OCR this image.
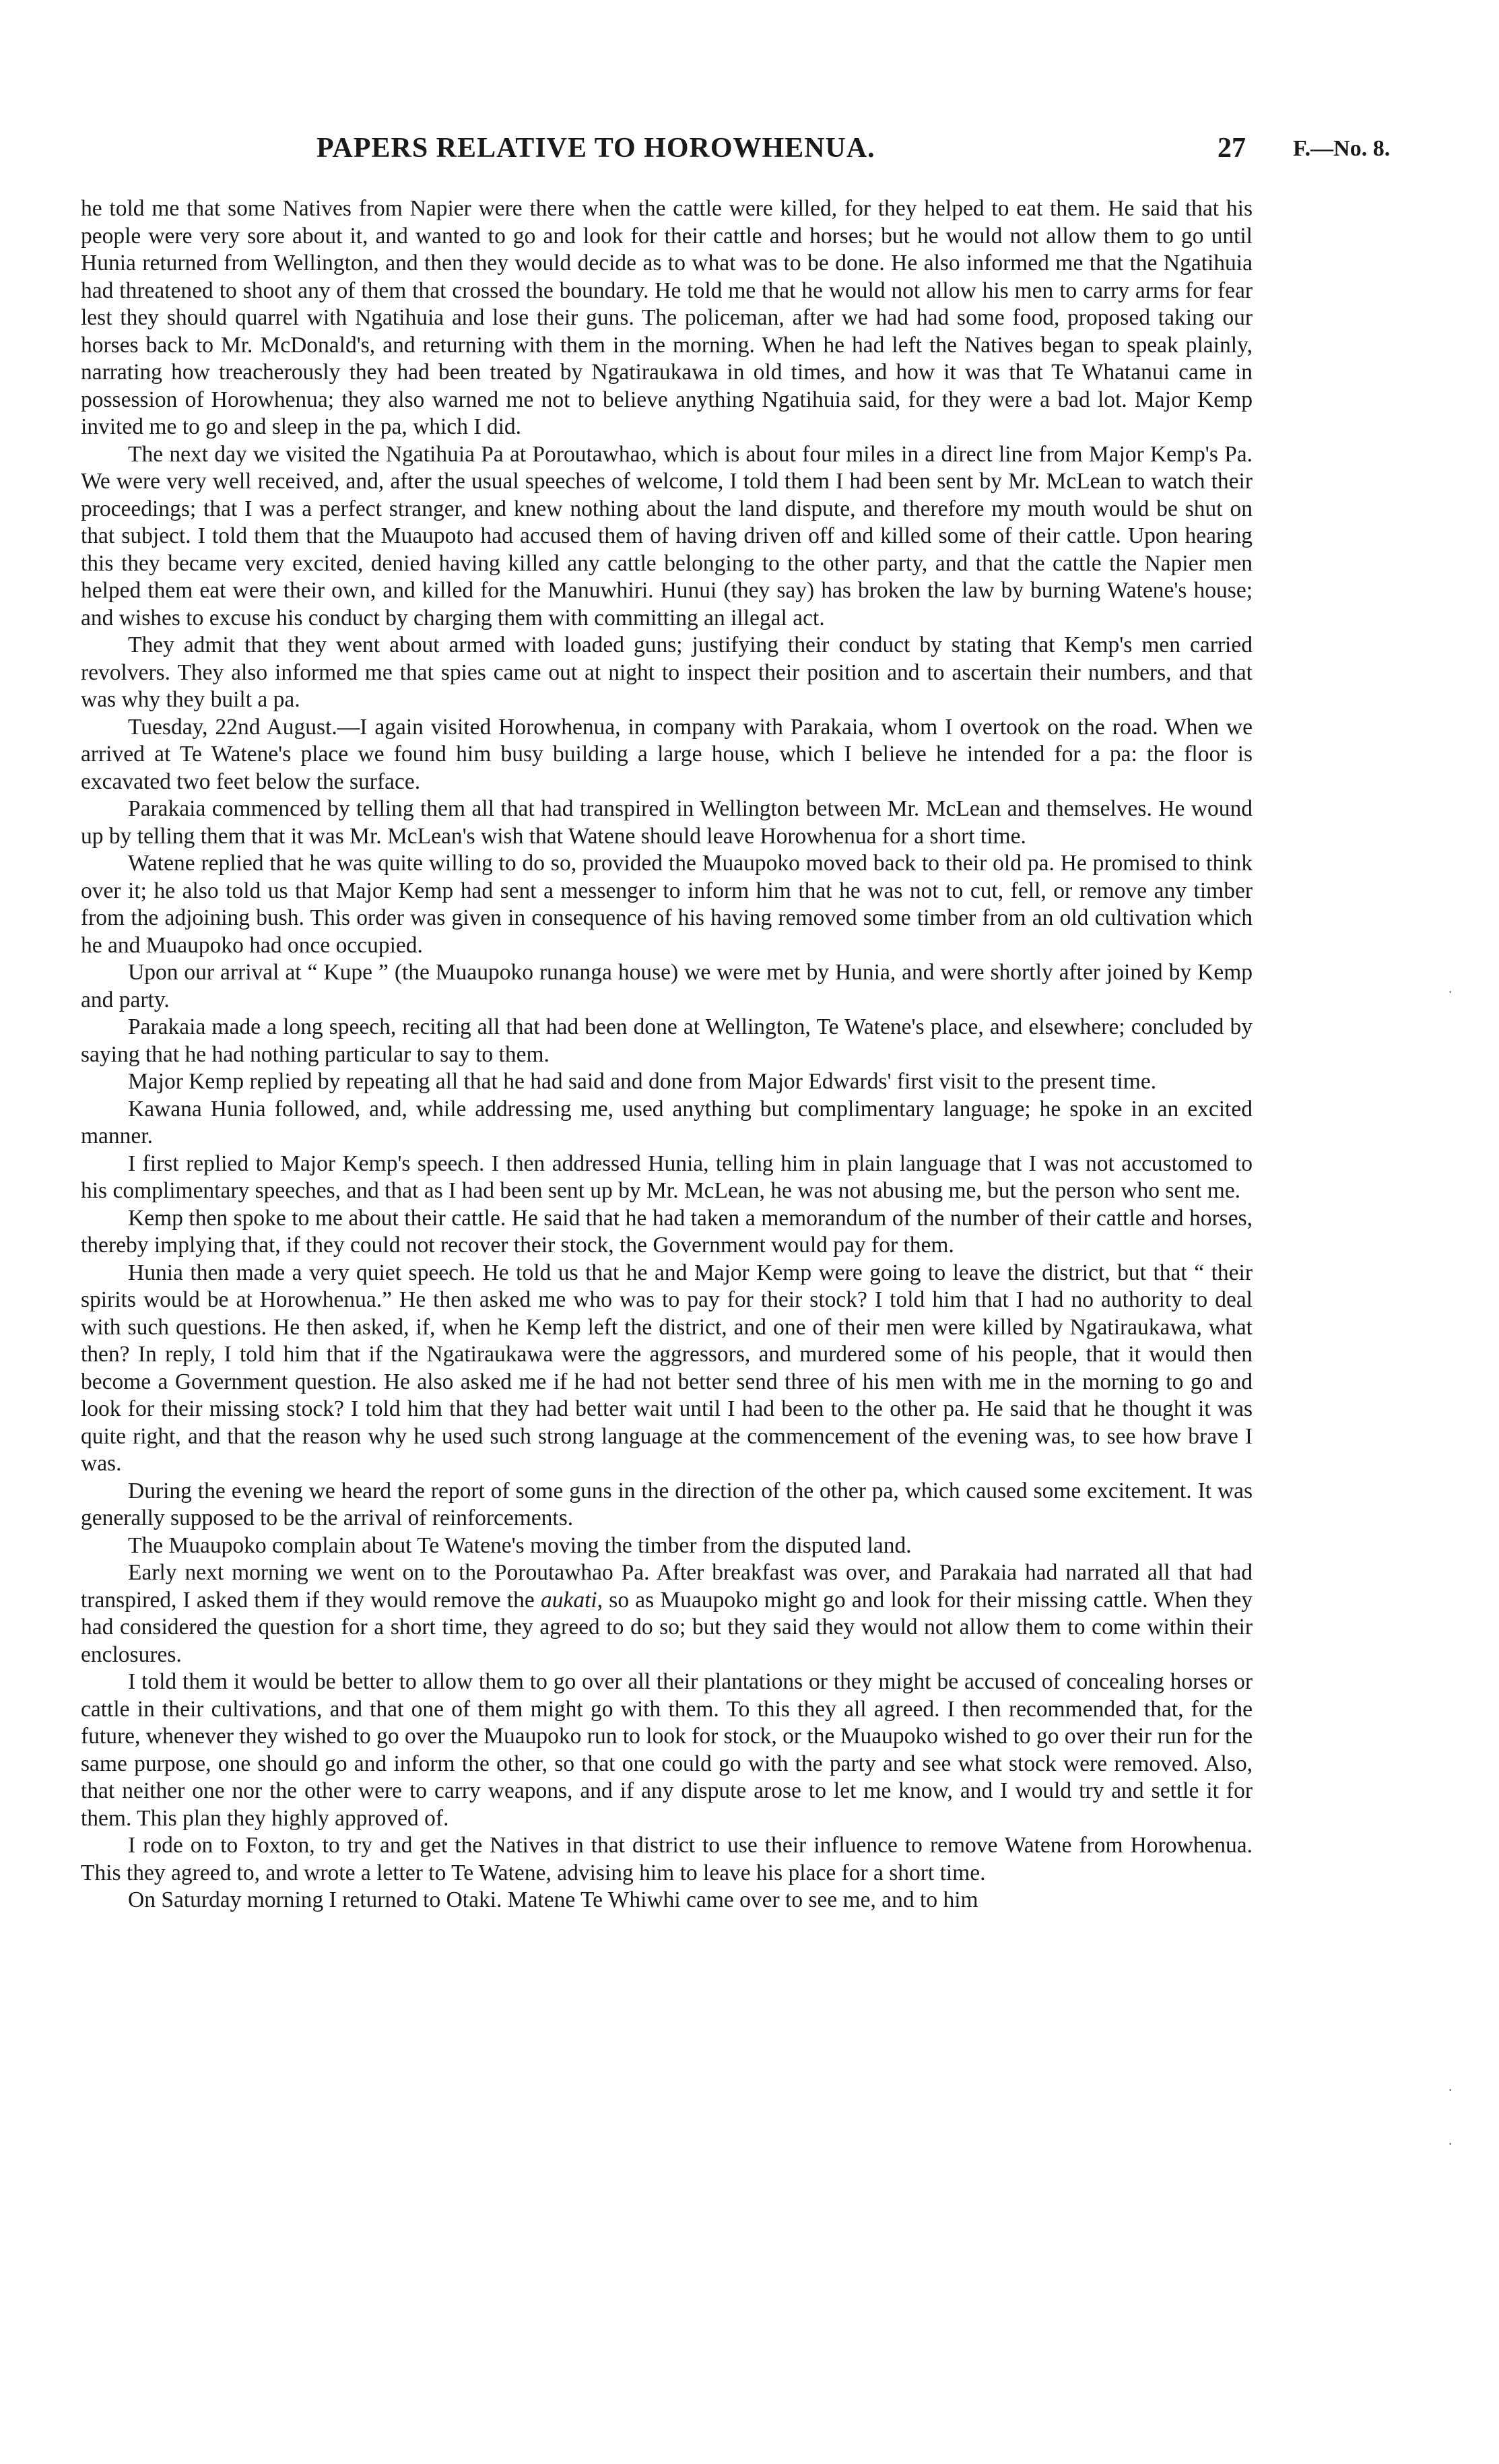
PAPERS RELATIVE TO HOROWHENUA.	27 F.—No. 8.

he told me that some Natives from Napier were there when the cattle were killed, for they helped to eat them. He said that his people were very sore about it, and wanted to go and look for their cattle and horses; but he would not allow them to go until Hunia returned from Wellington, and then they would decide as to what was to be done. He also informed me that the Ngatihuia had threatened to shoot any of them that crossed the boundary. He told me that he would not allow his men to carry arms for fear lest they should quarrel with Ngatihuia and lose their guns. The policeman, after we had had some food, proposed taking our horses back to Mr. McDonald's, and returning with them in the morning. When he had left the Natives began to speak plainly, narrating how treacherously they had been treated by Ngatiraukawa in old times, and how it was that Te Whatanui came in possession of Horowhenua; they also warned me not to believe anything Ngatihuia said, for they were a bad lot. Major Kemp invited me to go and sleep in the pa, which I did.

The next day we visited the Ngatihuia Pa at Poroutawhao, which is about four miles in a direct line from Major Kemp's Pa. We were very well received, and, after the usual speeches of welcome, I told them I had been sent by Mr. McLean to watch their proceedings; that I was a perfect stranger, and knew nothing about the land dispute, and therefore my mouth would be shut on that subject. I told them that the Muaupoto had accused them of having driven off and killed some of their cattle. Upon hearing this they became very excited, denied having killed any cattle belonging to the other party, and that the cattle the Napier men helped them eat were their own, and killed for the Manuwhiri. Hunui (they say) has broken the law by burning Watene's house; and wishes to excuse his conduct by charging them with committing an illegal act.

They admit that they went about armed with loaded guns; justifying their conduct by stating that Kemp's men carried revolvers. They also informed me that spies came out at night to inspect their position and to ascertain their numbers, and that was why they built a pa.

Tuesday, 22nd August.—I again visited Horowhenua, in company with Parakaia, whom I overtook on the road. When we arrived at Te Watene's place we found him busy building a large house, which I believe he intended for a pa: the floor is excavated two feet below the surface.

Parakaia commenced by telling them all that had transpired in Wellington between Mr. McLean and themselves. He wound up by telling them that it was Mr. McLean's wish that Watene should leave Horowhenua for a short time.

Watene replied that he was quite willing to do so, provided the Muaupoko moved back to their old pa. He promised to think over it; he also told us that Major Kemp had sent a messenger to inform him that he was not to cut, fell, or remove any timber from the adjoining bush. This order was given in consequence of his having removed some timber from an old cultivation which he and Muaupoko had once occupied.

Upon our arrival at “ Kupe ” (the Muaupoko runanga house) we were met by Hunia, and were shortly after joined by Kemp and party.

Parakaia made a long speech, reciting all that had been done at Wellington, Te Watene's place, and elsewhere; concluded by saying that he had nothing particular to say to them.

Major Kemp replied by repeating all that he had said and done from Major Edwards' first visit to the present time.

Kawana Hunia followed, and, while addressing me, used anything but complimentary language; he spoke in an excited manner.

I first replied to Major Kemp's speech. I then addressed Hunia, telling him in plain language that I was not accustomed to his complimentary speeches, and that as I had been sent up by Mr. McLean, he was not abusing me, but the person who sent me.

Kemp then spoke to me about their cattle. He said that he had taken a memorandum of the number of their cattle and horses, thereby implying that, if they could not recover their stock, the Government would pay for them.

Hunia then made a very quiet speech. He told us that he and Major Kemp were going to leave the district, but that “ their spirits would be at Horowhenua.” He then asked me who was to pay for their stock? I told him that I had no authority to deal with such questions. He then asked, if, when he Kemp left the district, and one of their men were killed by Ngatiraukawa, what then? In reply, I told him that if the Ngatiraukawa were the aggressors, and murdered some of his people, that it would then become a Government question. He also asked me if he had not better send three of his men with me in the morning to go and look for their missing stock? I told him that they had better wait until I had been to the other pa. He said that he thought it was quite right, and that the reason why he used such strong language at the commencement of the evening was, to see how brave I was.

During the evening we heard the report of some guns in the direction of the other pa, which caused some excitement. It was generally supposed to be the arrival of reinforcements.

The Muaupoko complain about Te Watene's moving the timber from the disputed land.

Early next morning we went on to the Poroutawhao Pa. After breakfast was over, and Parakaia had narrated all that had transpired, I asked them if they would remove the aukati, so as Muaupoko might go and look for their missing cattle. When they had considered the question for a short time, they agreed to do so; but they said they would not allow them to come within their enclosures.

I told them it would be better to allow them to go over all their plantations or they might be accused of concealing horses or cattle in their cultivations, and that one of them might go with them. To this they all agreed. I then recommended that, for the future, whenever they wished to go over the Muaupoko run to look for stock, or the Muaupoko wished to go over their run for the same purpose, one should go and inform the other, so that one could go with the party and see what stock were removed. Also, that neither one nor the other were to carry weapons, and if any dispute arose to let me know, and I would try and settle it for them. This plan they highly approved of.

I rode on to Foxton, to try and get the Natives in that district to use their influence to remove Watene from Horowhenua. This they agreed to, and wrote a letter to Te Watene, advising him to leave his place for a short time.

On Saturday morning I returned to Otaki. Matene Te Whiwhi came over to see me, and to him

·
·
·
